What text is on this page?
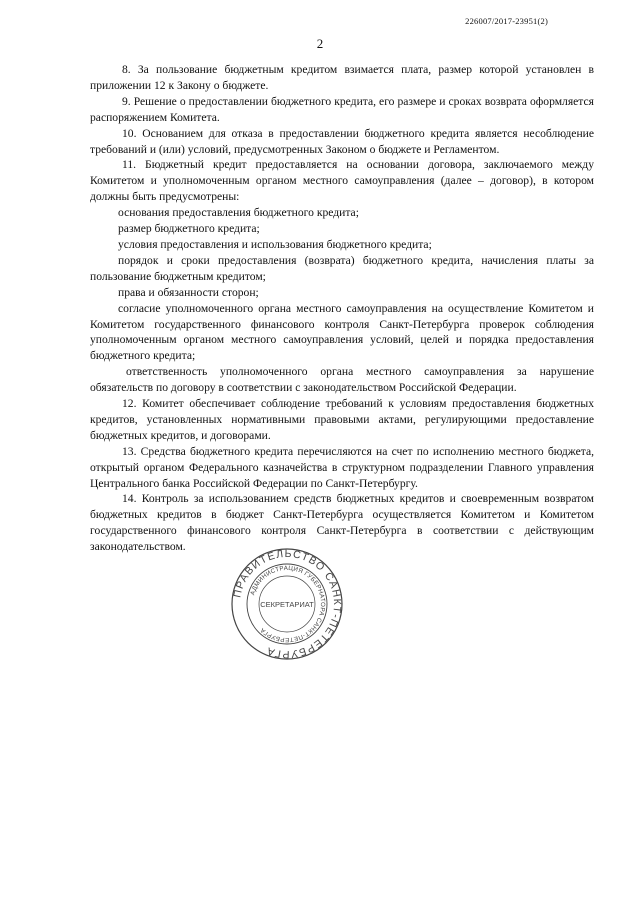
226007/2017-23951(2)
2

8. За пользование бюджетным кредитом взимается плата, размер которой установлен в приложении 12 к Закону о бюджете.

9. Решение о предоставлении бюджетного кредита, его размере и сроках возврата оформляется распоряжением Комитета.

10. Основанием для отказа в предоставлении бюджетного кредита является несоблюдение требований и (или) условий, предусмотренных Законом о бюджете и Регламентом.

11. Бюджетный кредит предоставляется на основании договора, заключаемого между Комитетом и уполномоченным органом местного самоуправления (далее – договор), в котором должны быть предусмотрены:

основания предоставления бюджетного кредита;

размер бюджетного кредита;

условия предоставления и использования бюджетного кредита;

порядок и сроки предоставления (возврата) бюджетного кредита, начисления платы за пользование бюджетным кредитом;

права и обязанности сторон;

согласие уполномоченного органа местного самоуправления на осуществление Комитетом и Комитетом государственного финансового контроля Санкт-Петербурга проверок соблюдения уполномоченным органом местного самоуправления условий, целей и порядка предоставления бюджетного кредита;

ответственность уполномоченного органа местного самоуправления за нарушение обязательств по договору в соответствии с законодательством Российской Федерации.

12. Комитет обеспечивает соблюдение требований к условиям предоставления бюджетных кредитов, установленных нормативными правовыми актами, регулирующими предоставление бюджетных кредитов, и договорами.

13. Средства бюджетного кредита перечисляются на счет по исполнению местного бюджета, открытый органом Федерального казначейства в структурном подразделении Главного управления Центрального банка Российской Федерации по Санкт-Петербургу.

14. Контроль за использованием средств бюджетных кредитов и своевременным возвратом бюджетных кредитов в бюджет Санкт-Петербурга осуществляется Комитетом и Комитетом государственного финансового контроля Санкт-Петербурга в соответствии с действующим законодательством.

ПРАВИТЕЛЬСТВО САНКТ-ПЕТЕРБУРГА
АДМИНИСТРАЦИЯ ГУБЕРНАТОРА САНКТ-ПЕТЕРБУРГА
СЕКРЕТАРИАТ
